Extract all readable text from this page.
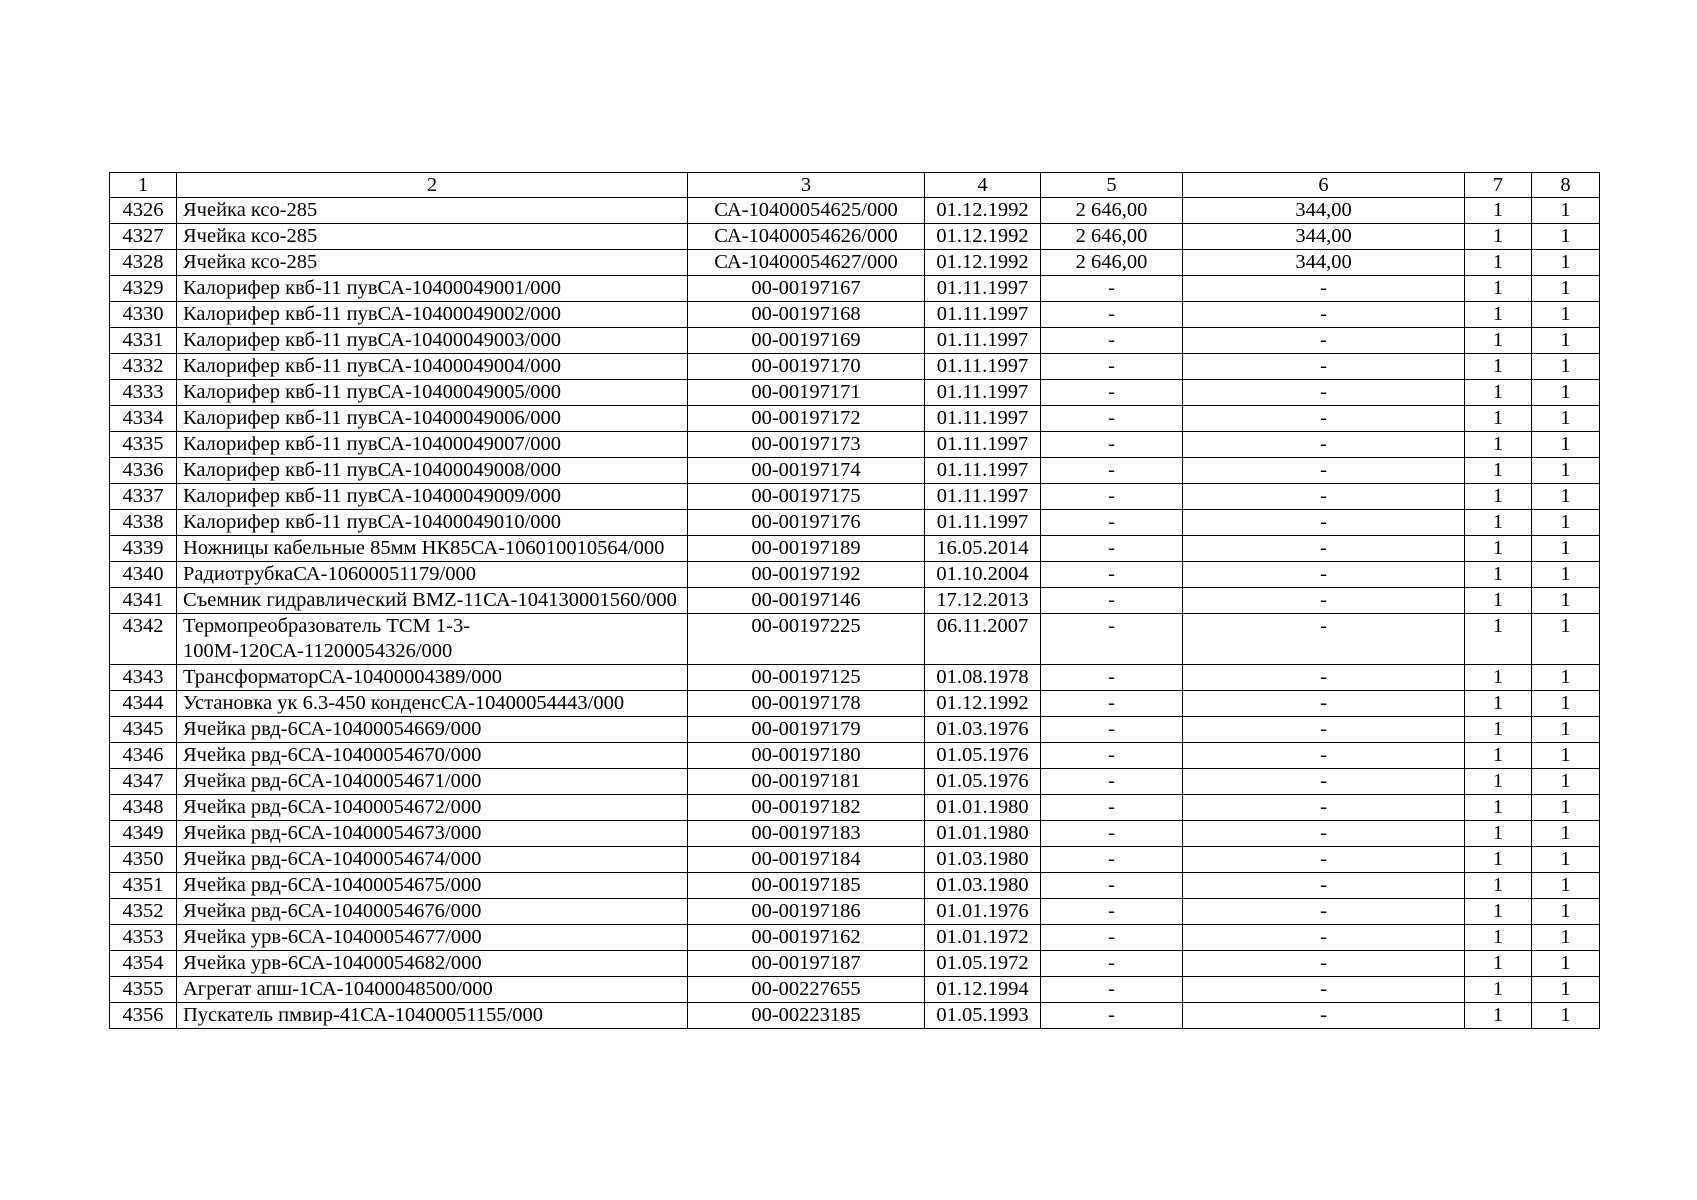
1	2	3	4	5	6	7	8
4326	Ячейка ксо-285	СА-10400054625/000	01.12.1992	2 646,00	344,00	1	1
4327	Ячейка ксо-285	СА-10400054626/000	01.12.1992	2 646,00	344,00	1	1
4328	Ячейка ксо-285	СА-10400054627/000	01.12.1992	2 646,00	344,00	1	1
4329	Калорифер квб-11 пувСА-10400049001/000	00-00197167	01.11.1997	-	-	1	1
4330	Калорифер квб-11 пувСА-10400049002/000	00-00197168	01.11.1997	-	-	1	1
4331	Калорифер квб-11 пувСА-10400049003/000	00-00197169	01.11.1997	-	-	1	1
4332	Калорифер квб-11 пувСА-10400049004/000	00-00197170	01.11.1997	-	-	1	1
4333	Калорифер квб-11 пувСА-10400049005/000	00-00197171	01.11.1997	-	-	1	1
4334	Калорифер квб-11 пувСА-10400049006/000	00-00197172	01.11.1997	-	-	1	1
4335	Калорифер квб-11 пувСА-10400049007/000	00-00197173	01.11.1997	-	-	1	1
4336	Калорифер квб-11 пувСА-10400049008/000	00-00197174	01.11.1997	-	-	1	1
4337	Калорифер квб-11 пувСА-10400049009/000	00-00197175	01.11.1997	-	-	1	1
4338	Калорифер квб-11 пувСА-10400049010/000	00-00197176	01.11.1997	-	-	1	1
4339	Ножницы кабельные 85мм НК85СА-106010010564/000	00-00197189	16.05.2014	-	-	1	1
4340	РадиотрубкаСА-10600051179/000	00-00197192	01.10.2004	-	-	1	1
4341	Съемник гидравлический BMZ-11СА-104130001560/000	00-00197146	17.12.2013	-	-	1	1
4342	Термопреобразователь ТСМ 1-3-100М-120СА-11200054326/000	00-00197225	06.11.2007	-	-	1	1
4343	ТрансформаторСА-10400004389/000	00-00197125	01.08.1978	-	-	1	1
4344	Установка ук 6.3-450 конденсСА-10400054443/000	00-00197178	01.12.1992	-	-	1	1
4345	Ячейка рвд-6СА-10400054669/000	00-00197179	01.03.1976	-	-	1	1
4346	Ячейка рвд-6СА-10400054670/000	00-00197180	01.05.1976	-	-	1	1
4347	Ячейка рвд-6СА-10400054671/000	00-00197181	01.05.1976	-	-	1	1
4348	Ячейка рвд-6СА-10400054672/000	00-00197182	01.01.1980	-	-	1	1
4349	Ячейка рвд-6СА-10400054673/000	00-00197183	01.01.1980	-	-	1	1
4350	Ячейка рвд-6СА-10400054674/000	00-00197184	01.03.1980	-	-	1	1
4351	Ячейка рвд-6СА-10400054675/000	00-00197185	01.03.1980	-	-	1	1
4352	Ячейка рвд-6СА-10400054676/000	00-00197186	01.01.1976	-	-	1	1
4353	Ячейка урв-6СА-10400054677/000	00-00197162	01.01.1972	-	-	1	1
4354	Ячейка урв-6СА-10400054682/000	00-00197187	01.05.1972	-	-	1	1
4355	Агрегат апш-1СА-10400048500/000	00-00227655	01.12.1994	-	-	1	1
4356	Пускатель пмвир-41СА-10400051155/000	00-00223185	01.05.1993	-	-	1	1
